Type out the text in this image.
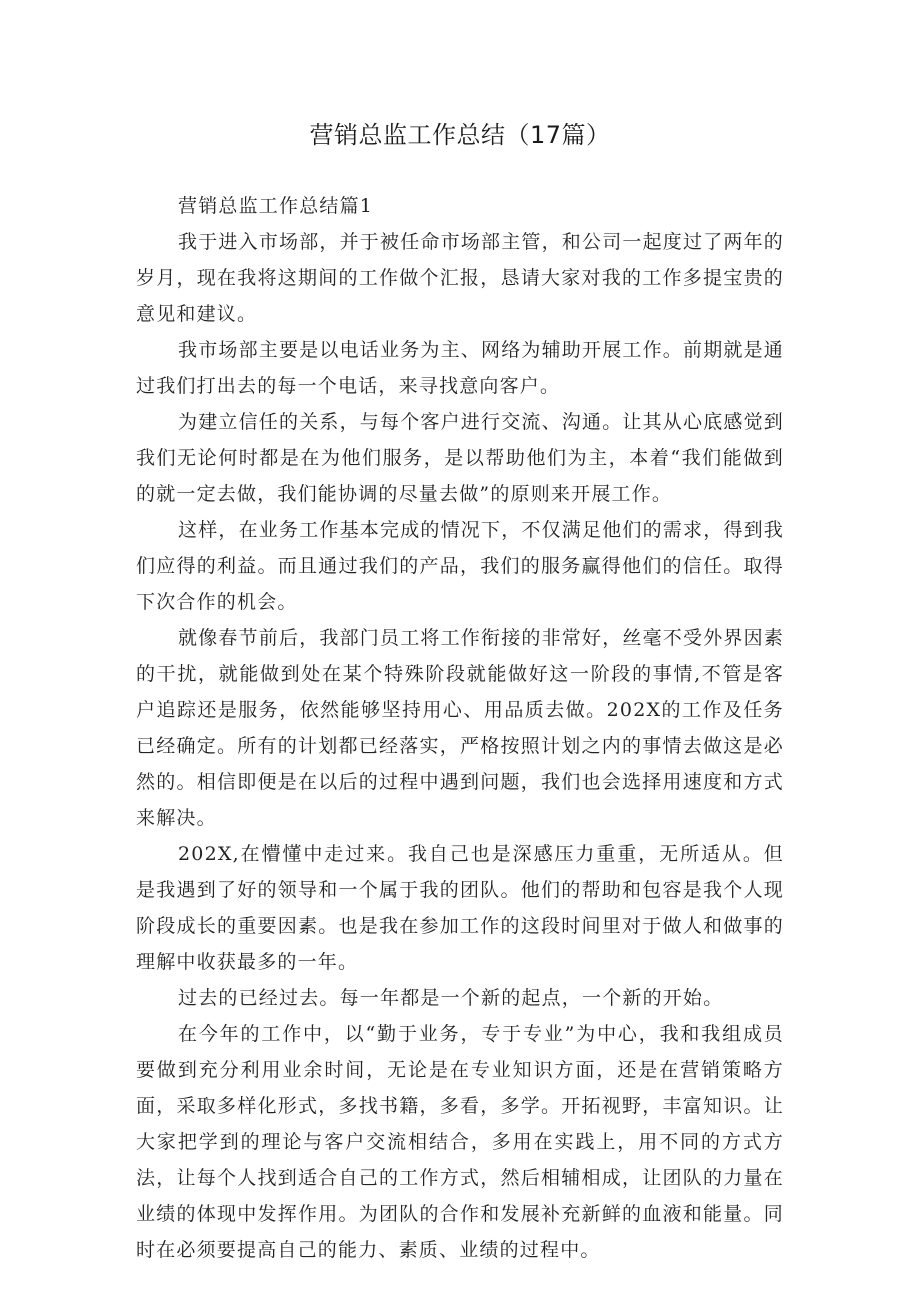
营销总监工作总结（17篇）

营销总监工作总结篇1

我于进入市场部，并于被任命市场部主管，和公司一起度过了两年的岁月，现在我将这期间的工作做个汇报，恳请大家对我的工作多提宝贵的意见和建议。

我市场部主要是以电话业务为主、网络为辅助开展工作。前期就是通过我们打出去的每一个电话，来寻找意向客户。

为建立信任的关系，与每个客户进行交流、沟通。让其从心底感觉到我们无论何时都是在为他们服务，是以帮助他们为主，本着“我们能做到的就一定去做，我们能协调的尽量去做”的原则来开展工作。

这样，在业务工作基本完成的情况下，不仅满足他们的需求，得到我们应得的利益。而且通过我们的产品，我们的服务赢得他们的信任。取得下次合作的机会。

就像春节前后，我部门员工将工作衔接的非常好，丝毫不受外界因素的干扰，就能做到处在某个特殊阶段就能做好这一阶段的事情,不管是客户追踪还是服务，依然能够坚持用心、用品质去做。202X的工作及任务已经确定。所有的计划都已经落实，严格按照计划之内的事情去做这是必然的。相信即便是在以后的过程中遇到问题，我们也会选择用速度和方式来解决。

202X,在懵懂中走过来。我自己也是深感压力重重，无所适从。但是我遇到了好的领导和一个属于我的团队。他们的帮助和包容是我个人现阶段成长的重要因素。也是我在参加工作的这段时间里对于做人和做事的理解中收获最多的一年。

过去的已经过去。每一年都是一个新的起点，一个新的开始。

在今年的工作中，以“勤于业务，专于专业”为中心，我和我组成员要做到充分利用业余时间，无论是在专业知识方面，还是在营销策略方面，采取多样化形式，多找书籍，多看，多学。开拓视野，丰富知识。让大家把学到的理论与客户交流相结合，多用在实践上，用不同的方式方法，让每个人找到适合自己的工作方式，然后相辅相成，让团队的力量在业绩的体现中发挥作用。为团队的合作和发展补充新鲜的血液和能量。同时在必须要提高自己的能力、素质、业绩的过程中。
